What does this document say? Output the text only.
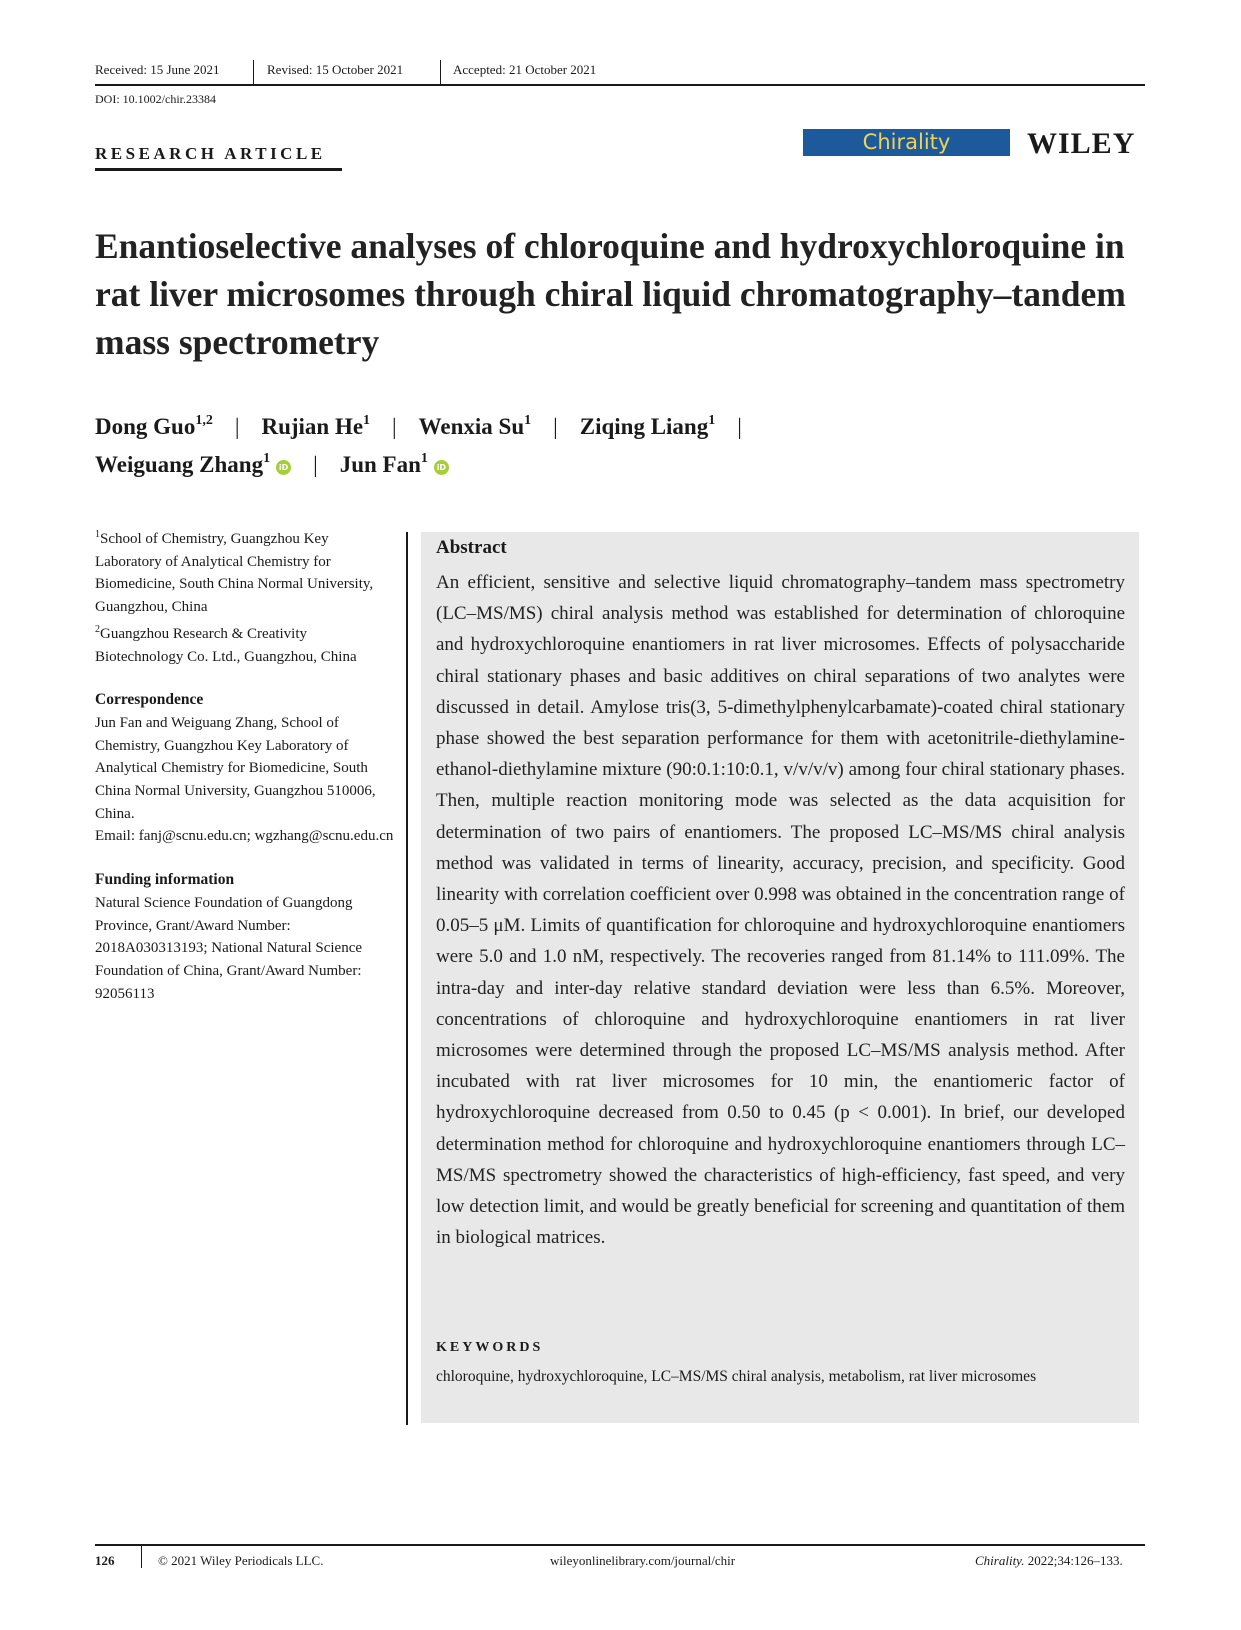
Received: 15 June 2021	Revised: 15 October 2021	Accepted: 21 October 2021
DOI: 10.1002/chir.23384
RESEARCH ARTICLE	Chirality	WILEY
Enantioselective analyses of chloroquine and hydroxychloroquine in rat liver microsomes through chiral liquid chromatography–tandem mass spectrometry
Dong Guo$^{1,2}$ | Rujian He$^1$ | Wenxia Su$^1$ | Ziqing Liang$^1$ |
Weiguang Zhang$^1$iD | Jun Fan$^1$iD

$^1$School of Chemistry, Guangzhou Key Laboratory of Analytical Chemistry for Biomedicine, South China Normal University, Guangzhou, China

$^2$Guangzhou Research & Creativity Biotechnology Co. Ltd., Guangzhou, China

Correspondence

Jun Fan and Weiguang Zhang, School of Chemistry, Guangzhou Key Laboratory of Analytical Chemistry for Biomedicine, South China Normal University, Guangzhou 510006, China.

Email: fanj@scnu.edu.cn; wgzhang@scnu.edu.cn

Funding information

Natural Science Foundation of Guangdong Province, Grant/Award Number: 2018A030313193; National Natural Science Foundation of China, Grant/Award Number: 92056113

Abstract
An efficient, sensitive and selective liquid chromatography–tandem mass spectrometry (LC–MS/MS) chiral analysis method was established for determination of chloroquine and hydroxychloroquine enantiomers in rat liver microsomes. Effects of polysaccharide chiral stationary phases and basic additives on chiral separations of two analytes were discussed in detail. Amylose tris(3, 5-dimethylphenylcarbamate)-coated chiral stationary phase showed the best separation performance for them with acetonitrile-diethylamine-ethanol-diethylamine mixture (90:0.1:10:0.1, v/v/v/v) among four chiral stationary phases. Then, multiple reaction monitoring mode was selected as the data acquisition for determination of two pairs of enantiomers. The proposed LC–MS/MS chiral analysis method was validated in terms of linearity, accuracy, precision, and specificity. Good linearity with correlation coefficient over 0.998 was obtained in the concentration range of 0.05–5 μM. Limits of quantification for chloroquine and hydroxychloroquine enantiomers were 5.0 and 1.0 nM, respectively. The recoveries ranged from 81.14% to 111.09%. The intra-day and inter-day relative standard deviation were less than 6.5%. Moreover, concentrations of chloroquine and hydroxychloroquine enantiomers in rat liver microsomes were determined through the proposed LC–MS/MS analysis method. After incubated with rat liver microsomes for 10 min, the enantiomeric factor of hydroxychloroquine decreased from 0.50 to 0.45 (p < 0.001). In brief, our developed determination method for chloroquine and hydroxychloroquine enantiomers through LC–MS/MS spectrometry showed the characteristics of high-efficiency, fast speed, and very low detection limit, and would be greatly beneficial for screening and quantitation of them in biological matrices.
KEYWORDS
chloroquine, hydroxychloroquine, LC–MS/MS chiral analysis, metabolism, rat liver microsomes
126	© 2021 Wiley Periodicals LLC.	wileyonlinelibrary.com/journal/chir	Chirality. 2022;34:126–133.
